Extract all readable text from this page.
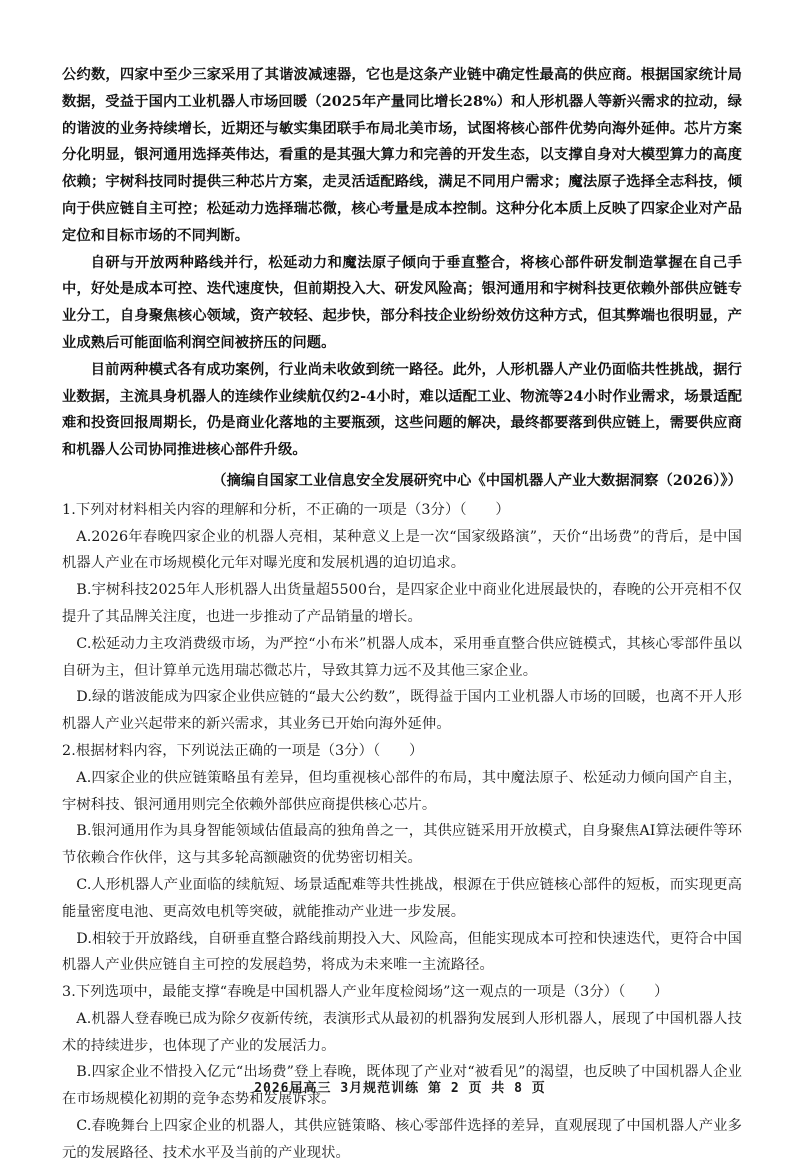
公约数，四家中至少三家采用了其谐波减速器，它也是这条产业链中确定性最高的供应商。根据国家统计局数据，受益于国内工业机器人市场回暖（2025年产量同比增长28%）和人形机器人等新兴需求的拉动，绿的谐波的业务持续增长，近期还与敏实集团联手布局北美市场，试图将核心部件优势向海外延伸。芯片方案分化明显，银河通用选择英伟达，看重的是其强大算力和完善的开发生态，以支撑自身对大模型算力的高度依赖；宇树科技同时提供三种芯片方案，走灵活适配路线，满足不同用户需求；魔法原子选择全志科技，倾向于供应链自主可控；松延动力选择瑞芯微，核心考量是成本控制。这种分化本质上反映了四家企业对产品定位和目标市场的不同判断。

自研与开放两种路线并行，松延动力和魔法原子倾向于垂直整合，将核心部件研发制造掌握在自己手中，好处是成本可控、迭代速度快，但前期投入大、研发风险高；银河通用和宇树科技更依赖外部供应链专业分工，自身聚焦核心领域，资产较轻、起步快，部分科技企业纷纷效仿这种方式，但其弊端也很明显，产业成熟后可能面临利润空间被挤压的问题。

目前两种模式各有成功案例，行业尚未收敛到统一路径。此外，人形机器人产业仍面临共性挑战，据行业数据，主流具身机器人的连续作业续航仅约2-4小时，难以适配工业、物流等24小时作业需求，场景适配难和投资回报周期长，仍是商业化落地的主要瓶颈，这些问题的解决，最终都要落到供应链上，需要供应商和机器人公司协同推进核心部件升级。

（摘编自国家工业信息安全发展研究中心《中国机器人产业大数据洞察（2026）》）

1.下列对材料相关内容的理解和分析，不正确的一项是（3分）（　　）

A.2026年春晚四家企业的机器人亮相，某种意义上是一次“国家级路演”，天价“出场费”的背后，是中国机器人产业在市场规模化元年对曝光度和发展机遇的迫切追求。

B.宇树科技2025年人形机器人出货量超5500台，是四家企业中商业化进展最快的，春晚的公开亮相不仅提升了其品牌关注度，也进一步推动了产品销量的增长。

C.松延动力主攻消费级市场，为严控“小布米”机器人成本，采用垂直整合供应链模式，其核心零部件虽以自研为主，但计算单元选用瑞芯微芯片，导致其算力远不及其他三家企业。

D.绿的谐波能成为四家企业供应链的“最大公约数”，既得益于国内工业机器人市场的回暖，也离不开人形机器人产业兴起带来的新兴需求，其业务已开始向海外延伸。

2.根据材料内容，下列说法正确的一项是（3分）（　　）

A.四家企业的供应链策略虽有差异，但均重视核心部件的布局，其中魔法原子、松延动力倾向国产自主，宇树科技、银河通用则完全依赖外部供应商提供核心芯片。

B.银河通用作为具身智能领域估值最高的独角兽之一，其供应链采用开放模式，自身聚焦AI算法硬件等环节依赖合作伙伴，这与其多轮高额融资的优势密切相关。

C.人形机器人产业面临的续航短、场景适配难等共性挑战，根源在于供应链核心部件的短板，而实现更高能量密度电池、更高效电机等突破，就能推动产业进一步发展。

D.相较于开放路线，自研垂直整合路线前期投入大、风险高，但能实现成本可控和快速迭代，更符合中国机器人产业供应链自主可控的发展趋势，将成为未来唯一主流路径。

3.下列选项中，最能支撑“春晚是中国机器人产业年度检阅场”这一观点的一项是（3分）（　　）

A.机器人登春晚已成为除夕夜新传统，表演形式从最初的机器狗发展到人形机器人，展现了中国机器人技术的持续进步，也体现了产业的发展活力。

B.四家企业不惜投入亿元“出场费”登上春晚，既体现了产业对“被看见”的渴望，也反映了中国机器人企业在市场规模化初期的竞争态势和发展诉求。

C.春晚舞台上四家企业的机器人，其供应链策略、核心零部件选择的差异，直观展现了中国机器人产业多元的发展路径、技术水平及当前的产业现状。

2026届高三 3月规范训练 第 2 页 共 8 页
